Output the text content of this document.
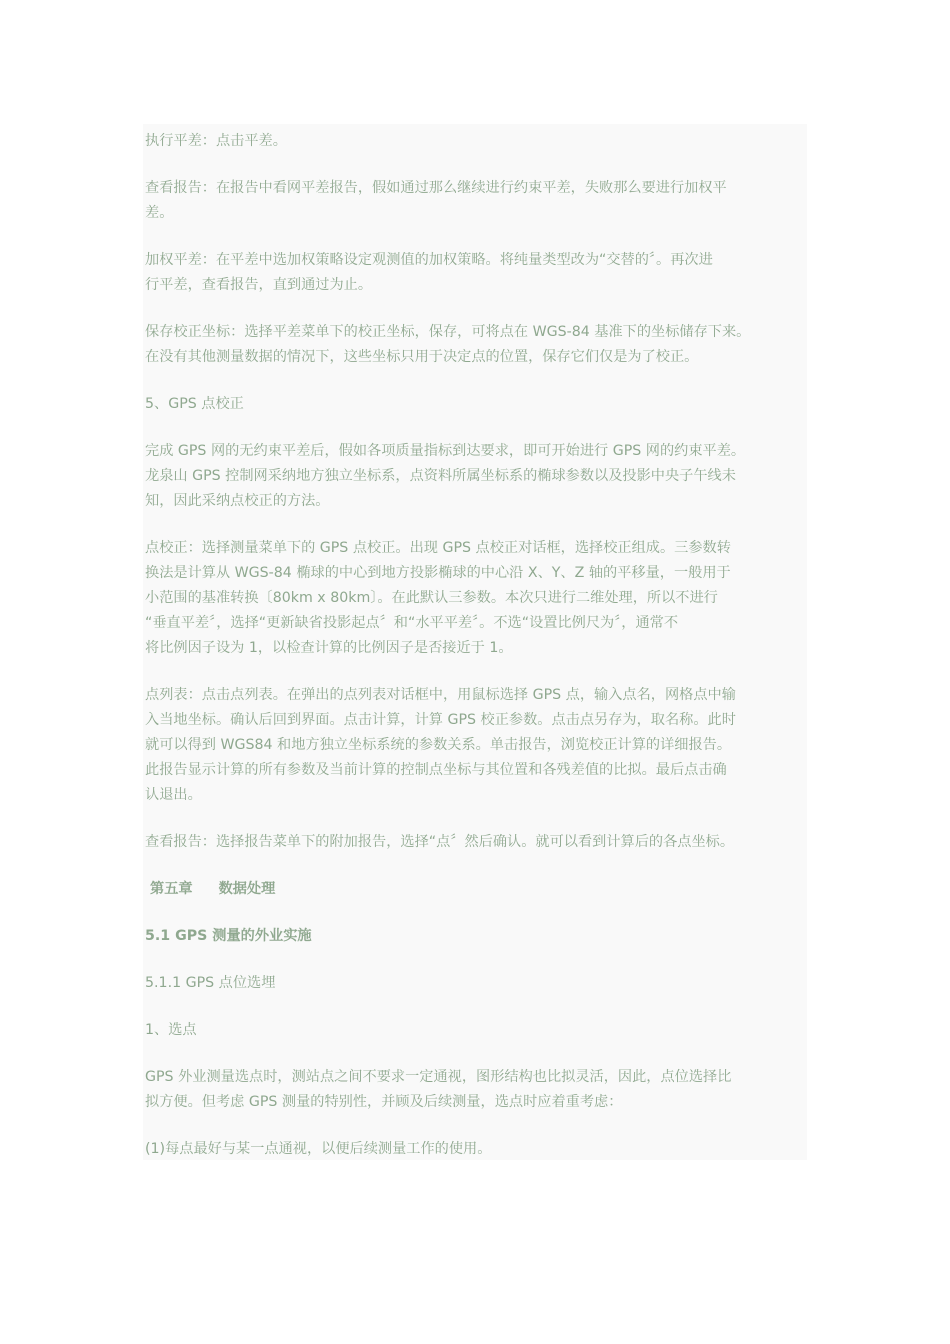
执行平差：点击平差。
查看报告：在报告中看网平差报告，假如通过那么继续进行约束平差，失败那么要进行加权平
差。
加权平差：在平差中选加权策略设定观测值的加权策略。将纯量类型改为“交替的〞。再次进
行平差，查看报告，直到通过为止。
保存校正坐标：选择平差菜单下的校正坐标，保存，可将点在 WGS-84 基准下的坐标储存下来。
在没有其他测量数据的情况下，这些坐标只用于决定点的位置，保存它们仅是为了校正。
5、GPS 点校正
完成 GPS 网的无约束平差后，假如各项质量指标到达要求，即可开始进行 GPS 网的约束平差。
龙泉山 GPS 控制网采纳地方独立坐标系，点资料所属坐标系的椭球参数以及投影中央子午线未
知，因此采纳点校正的方法。
点校正：选择测量菜单下的 GPS 点校正。出现 GPS 点校正对话框，选择校正组成。三参数转
换法是计算从 WGS-84 椭球的中心到地方投影椭球的中心沿 X、Y、Z 轴的平移量，一般用于
小范围的基准转换〔80km x 80km〕。在此默认三参数。本次只进行二维处理，所以不进行
“垂直平差〞，选择“更新缺省投影起点〞和“水平平差〞。不选“设置比例尺为〞，通常不
将比例因子设为 1，以检查计算的比例因子是否接近于 1。
点列表：点击点列表。在弹出的点列表对话框中，用鼠标选择 GPS 点，输入点名，网格点中输
入当地坐标。确认后回到界面。点击计算，计算 GPS 校正参数。点击点另存为，取名称。此时
就可以得到 WGS84 和地方独立坐标系统的参数关系。单击报告，浏览校正计算的详细报告。
此报告显示计算的所有参数及当前计算的控制点坐标与其位置和各残差值的比拟。最后点击确
认退出。
查看报告：选择报告菜单下的附加报告，选择“点〞然后确认。就可以看到计算后的各点坐标。
第五章 数据处理
5.1 GPS 测量的外业实施
5.1.1 GPS 点位选埋
1、选点
GPS 外业测量选点时，测站点之间不要求一定通视，图形结构也比拟灵活，因此，点位选择比
拟方便。但考虑 GPS 测量的特别性，并顾及后续测量，选点时应着重考虑：
(1)每点最好与某一点通视，以便后续测量工作的使用。
